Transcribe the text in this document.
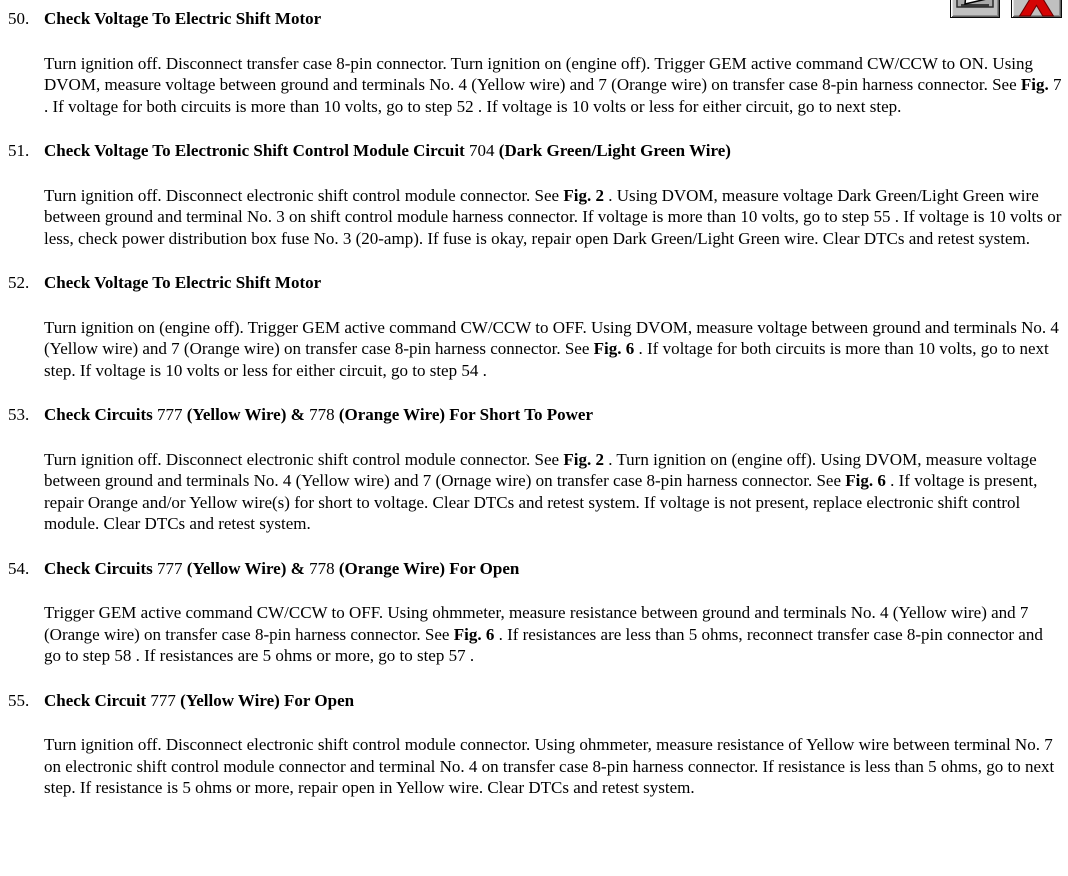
50. Check Voltage To Electric Shift Motor

Turn ignition off. Disconnect transfer case 8-pin connector. Turn ignition on (engine off). Trigger GEM active command CW/CCW to ON. Using DVOM, measure voltage between ground and terminals No. 4 (Yellow wire) and 7 (Orange wire) on transfer case 8-pin harness connector. See Fig. 7 . If voltage for both circuits is more than 10 volts, go to step 52 . If voltage is 10 volts or less for either circuit, go to next step.

51. Check Voltage To Electronic Shift Control Module Circuit 704 (Dark Green/Light Green Wire)

Turn ignition off. Disconnect electronic shift control module connector. See Fig. 2 . Using DVOM, measure voltage Dark Green/Light Green wire between ground and terminal No. 3 on shift control module harness connector. If voltage is more than 10 volts, go to step 55 . If voltage is 10 volts or less, check power distribution box fuse No. 3 (20-amp). If fuse is okay, repair open Dark Green/Light Green wire. Clear DTCs and retest system.

52. Check Voltage To Electric Shift Motor

Turn ignition on (engine off). Trigger GEM active command CW/CCW to OFF. Using DVOM, measure voltage between ground and terminals No. 4 (Yellow wire) and 7 (Orange wire) on transfer case 8-pin harness connector. See Fig. 6 . If voltage for both circuits is more than 10 volts, go to next step. If voltage is 10 volts or less for either circuit, go to step 54 .

53. Check Circuits 777 (Yellow Wire) & 778 (Orange Wire) For Short To Power

Turn ignition off. Disconnect electronic shift control module connector. See Fig. 2 . Turn ignition on (engine off). Using DVOM, measure voltage between ground and terminals No. 4 (Yellow wire) and 7 (Ornage wire) on transfer case 8-pin harness connector. See Fig. 6 . If voltage is present, repair Orange and/or Yellow wire(s) for short to voltage. Clear DTCs and retest system. If voltage is not present, replace electronic shift control module. Clear DTCs and retest system.

54. Check Circuits 777 (Yellow Wire) & 778 (Orange Wire) For Open

Trigger GEM active command CW/CCW to OFF. Using ohmmeter, measure resistance between ground and terminals No. 4 (Yellow wire) and 7 (Orange wire) on transfer case 8-pin harness connector. See Fig. 6 . If resistances are less than 5 ohms, reconnect transfer case 8-pin connector and go to step 58 . If resistances are 5 ohms or more, go to step 57 .

55. Check Circuit 777 (Yellow Wire) For Open

Turn ignition off. Disconnect electronic shift control module connector. Using ohmmeter, measure resistance of Yellow wire between terminal No. 7 on electronic shift control module connector and terminal No. 4 on transfer case 8-pin harness connector. If resistance is less than 5 ohms, go to next step. If resistance is 5 ohms or more, repair open in Yellow wire. Clear DTCs and retest system.
